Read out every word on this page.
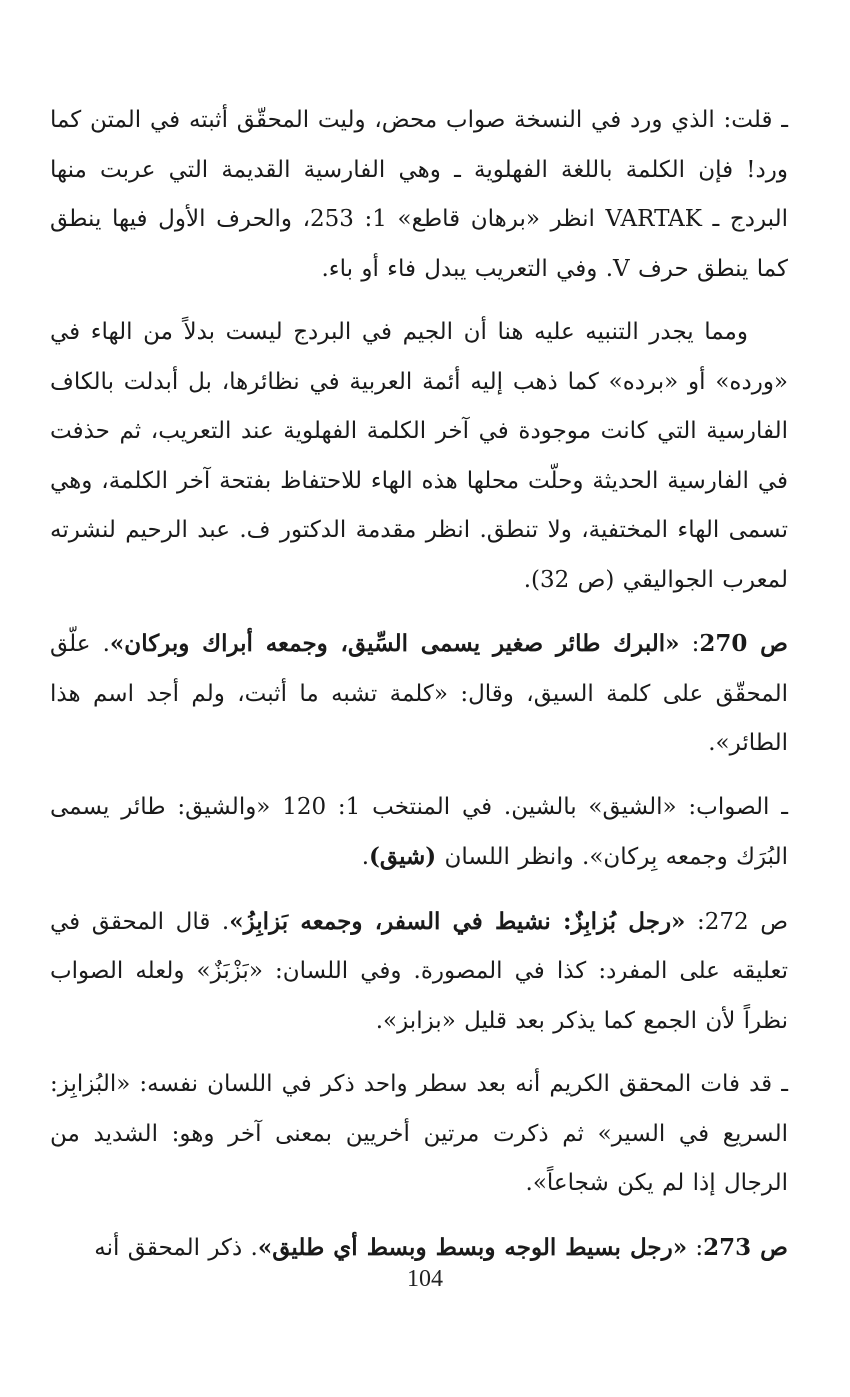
ـ قلت: الذي ورد في النسخة صواب محض، وليت المحقّق أثبته في المتن كما ورد! فإن الكلمة باللغة الفهلوية ـ وهي الفارسية القديمة التي عربت منها البردج ـ VARTAK انظر «برهان قاطع» 1: 253، والحرف الأول فيها ينطق كما ينطق حرف V. وفي التعريب يبدل فاء أو باء.

ومما يجدر التنبيه عليه هنا أن الجيم في البردج ليست بدلاً من الهاء في «ورده» أو «برده» كما ذهب إليه أئمة العربية في نظائرها، بل أبدلت بالكاف الفارسية التي كانت موجودة في آخر الكلمة الفهلوية عند التعريب، ثم حذفت في الفارسية الحديثة وحلّت محلها هذه الهاء للاحتفاظ بفتحة آخر الكلمة، وهي تسمى الهاء المختفية، ولا تنطق. انظر مقدمة الدكتور ف. عبد الرحيم لنشرته لمعرب الجواليقي (ص 32).

ص 270: «البرك طائر صغير يسمى السِّيق، وجمعه أبراك وبركان». علّق المحقّق على كلمة السيق، وقال: «كلمة تشبه ما أثبت، ولم أجد اسم هذا الطائر».

ـ الصواب: «الشيق» بالشين. في المنتخب 1: 120 «والشيق: طائر يسمى البُرَك وجمعه بِركان». وانظر اللسان (شيق).

ص 272: «رجل بُزابِزٌ: نشيط في السفر، وجمعه بَزابِزُ». قال المحقق في تعليقه على المفرد: كذا في المصورة. وفي اللسان: «بَزْبَزٌ» ولعله الصواب نظراً لأن الجمع كما يذكر بعد قليل «بزابز».

ـ قد فات المحقق الكريم أنه بعد سطر واحد ذكر في اللسان نفسه: «البُزابِز: السريع في السير» ثم ذكرت مرتين أخريين بمعنى آخر وهو: الشديد من الرجال إذا لم يكن شجاعاً».

ص 273: «رجل بسيط الوجه وبسط وبسط أي طليق». ذكر المحقق أنه

104
